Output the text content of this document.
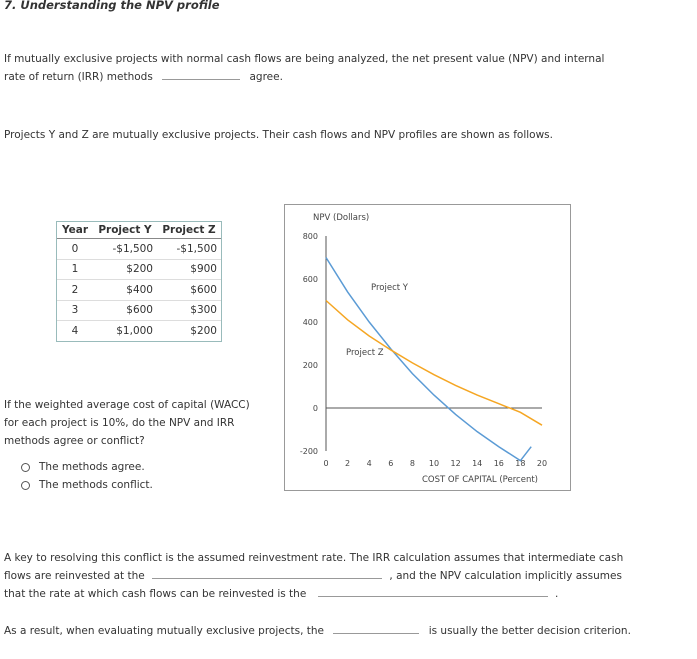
7. Understanding the NPV profile
If mutually exclusive projects with normal cash flows are being analyzed, the net present value (NPV) and internal
rate of return (IRR) methods	agree.
Projects Y and Z are mutually exclusive projects. Their cash flows and NPV profiles are shown as follows.
Year	Project Y	Project Z
0	-$1,500	-$1,500
1	$200	$900
2	$400	$600
3	$600	$300
4	$1,000	$200
If the weighted average cost of capital (WACC)
for each project is 10%, do the NPV and IRR
methods agree or conflict?
The methods agree.
The methods conflict.
NPV (Dollars)
800
600
400
200
0
-200
0 2 4 6 8 10 12 14 16 18 20
Project Y
Project Z
COST OF CAPITAL (Percent)
A key to resolving this conflict is the assumed reinvestment rate. The IRR calculation assumes that intermediate cash
flows are reinvested at the	, and the NPV calculation implicitly assumes
that the rate at which cash flows can be reinvested is the	.
As a result, when evaluating mutually exclusive projects, the	is usually the better decision criterion.
